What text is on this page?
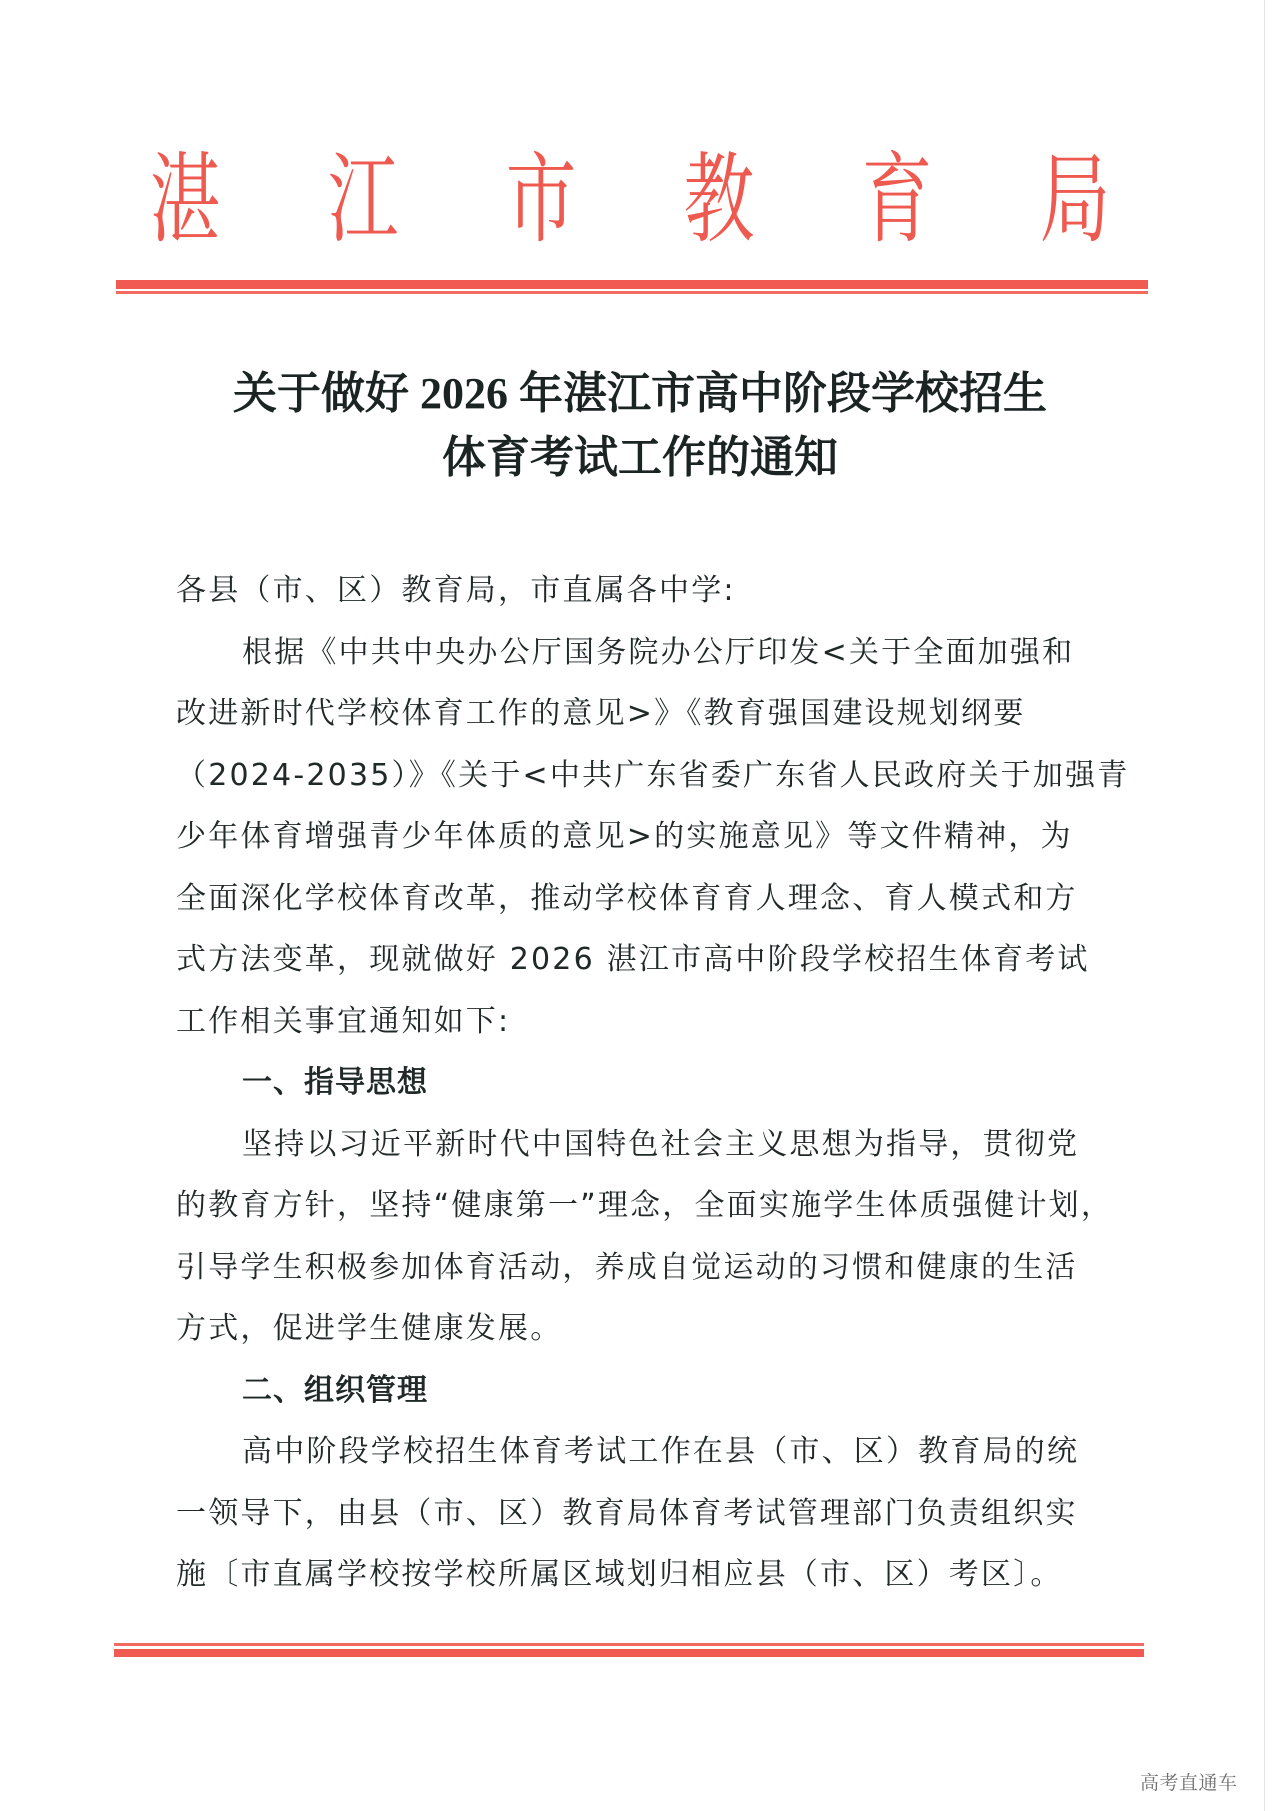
湛 江 市 教 育 局
关于做好 2026 年湛江市高中阶段学校招生
体育考试工作的通知
各县（市、区）教育局，市直属各中学:
根据《中共中央办公厅国务院办公厅印发<关于全面加强和
改进新时代学校体育工作的意见>》《教育强国建设规划纲要
（2024-2035）》《关于<中共广东省委广东省人民政府关于加强青
少年体育增强青少年体质的意见>的实施意见》等文件精神，为
全面深化学校体育改革，推动学校体育育人理念、育人模式和方
式方法变革，现就做好 2026 湛江市高中阶段学校招生体育考试
工作相关事宜通知如下:
一、指导思想
坚持以习近平新时代中国特色社会主义思想为指导，贯彻党
的教育方针，坚持“健康第一”理念，全面实施学生体质强健计划，
引导学生积极参加体育活动，养成自觉运动的习惯和健康的生活
方式，促进学生健康发展。
二、组织管理
高中阶段学校招生体育考试工作在县（市、区）教育局的统
一领导下，由县（市、区）教育局体育考试管理部门负责组织实
施〔市直属学校按学校所属区域划归相应县（市、区）考区〕。
高考直通车
